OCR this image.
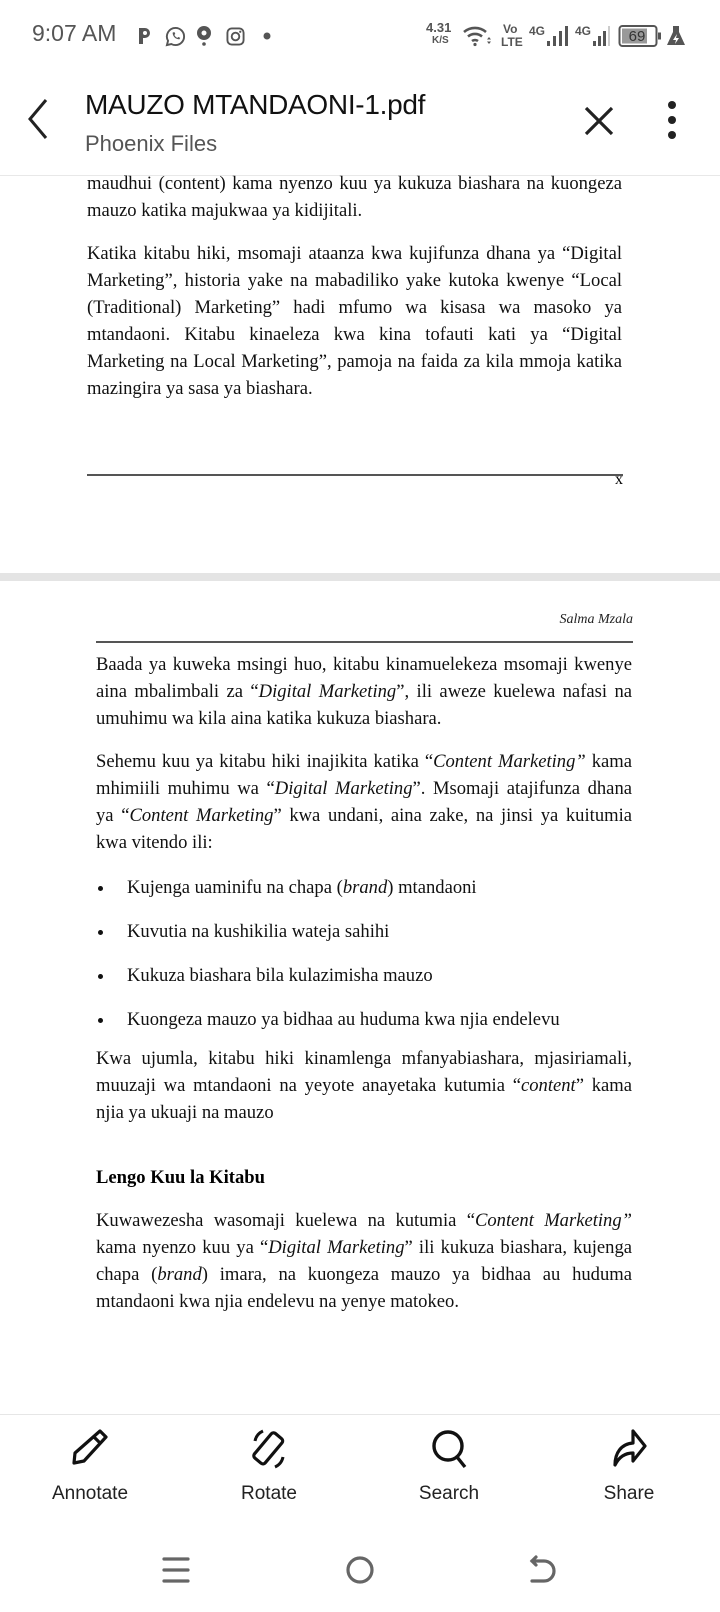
9:07 AM	4.31
K/S
Vo
LTE
4G 4G	69
MAUZO MTANDAONI-1.pdf
Phoenix Files

maudhui (content) kama nyenzo kuu ya kukuza biashara na kuongeza mauzo katika majukwaa ya kidijitali.

Katika kitabu hiki, msomaji ataanza kwa kujifunza dhana ya “Digital Marketing”, historia yake na mabadiliko yake kutoka kwenye “Local (Traditional) Marketing” hadi mfumo wa kisasa wa masoko ya mtandaoni. Kitabu kinaeleza kwa kina tofauti kati ya “Digital Marketing na Local Marketing”, pamoja na faida za kila mmoja katika mazingira ya sasa ya biashara.

x
Salma Mzala

Baada ya kuweka msingi huo, kitabu kinamuelekeza msomaji kwenye aina mbalimbali za “Digital Marketing”, ili aweze kuelewa nafasi na umuhimu wa kila aina katika kukuza biashara.

Sehemu kuu ya kitabu hiki inajikita katika “Content Marketing” kama mhimiili muhimu wa “Digital Marketing”. Msomaji atajifunza dhana ya “Content Marketing” kwa undani, aina zake, na jinsi ya kuitumia kwa vitendo ili:

Kujenga uaminifu na chapa (brand) mtandaoni
Kuvutia na kushikilia wateja sahihi
Kukuza biashara bila kulazimisha mauzo
Kuongeza mauzo ya bidhaa au huduma kwa njia endelevu

Kwa ujumla, kitabu hiki kinamlenga mfanyabiashara, mjasiriamali, muuzaji wa mtandaoni na yeyote anayetaka kutumia “content” kama njia ya ukuaji na mauzo

Lengo Kuu la Kitabu

Kuwawezesha wasomaji kuelewa na kutumia “Content Marketing” kama nyenzo kuu ya “Digital Marketing” ili kukuza biashara, kujenga chapa (brand) imara, na kuongeza mauzo ya bidhaa au huduma mtandaoni kwa njia endelevu na yenye matokeo.

Annotate	Rotate	Search	Share
